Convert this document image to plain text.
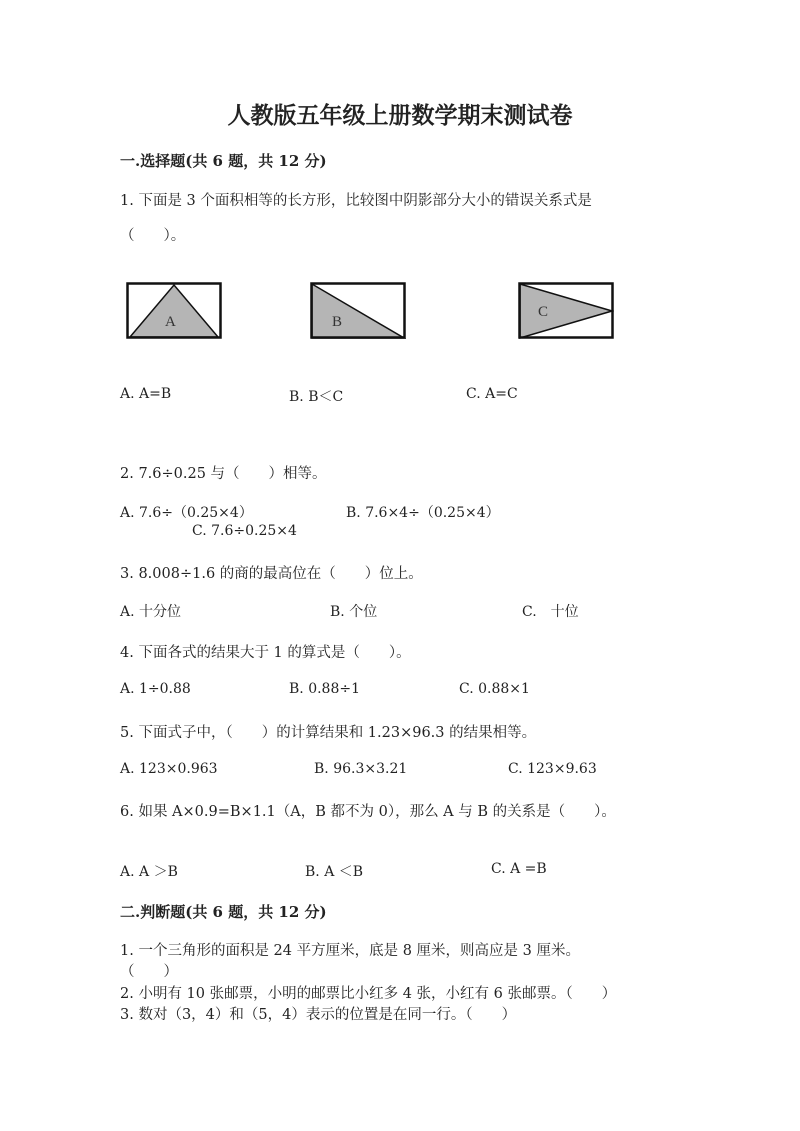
人教版五年级上册数学期末测试卷
一.选择题(共 6 题，共 12 分)
1. 下面是 3 个面积相等的长方形，比较图中阴影部分大小的错误关系式是
（　　）。
A	B
C
A. A=B	B. B＜C	C. A=C
2. 7.6÷0.25 与（　　）相等。
A. 7.6÷（0.25×4）	B. 7.6×4÷（0.25×4）
C. 7.6÷0.25×4
3. 8.008÷1.6 的商的最高位在（　　）位上。
A. 十分位	B. 个位	C.　十位
4. 下面各式的结果大于 1 的算式是（　　）。
A. 1÷0.88	B. 0.88÷1	C. 0.88×1
5. 下面式子中，（　　）的计算结果和 1.23×96.3 的结果相等。
A. 123×0.963	B. 96.3×3.21	C. 123×9.63
6. 如果 A×0.9=B×1.1（A，B 都不为 0），那么 A 与 B 的关系是（　　）。
A. A ＞B	B. A ＜B	C. A =B
二.判断题(共 6 题，共 12 分)
1. 一个三角形的面积是 24 平方厘米，底是 8 厘米，则高应是 3 厘米。
（　　）
2. 小明有 10 张邮票，小明的邮票比小红多 4 张，小红有 6 张邮票。（　　）
3. 数对（3，4）和（5，4）表示的位置是在同一行。（　　）
